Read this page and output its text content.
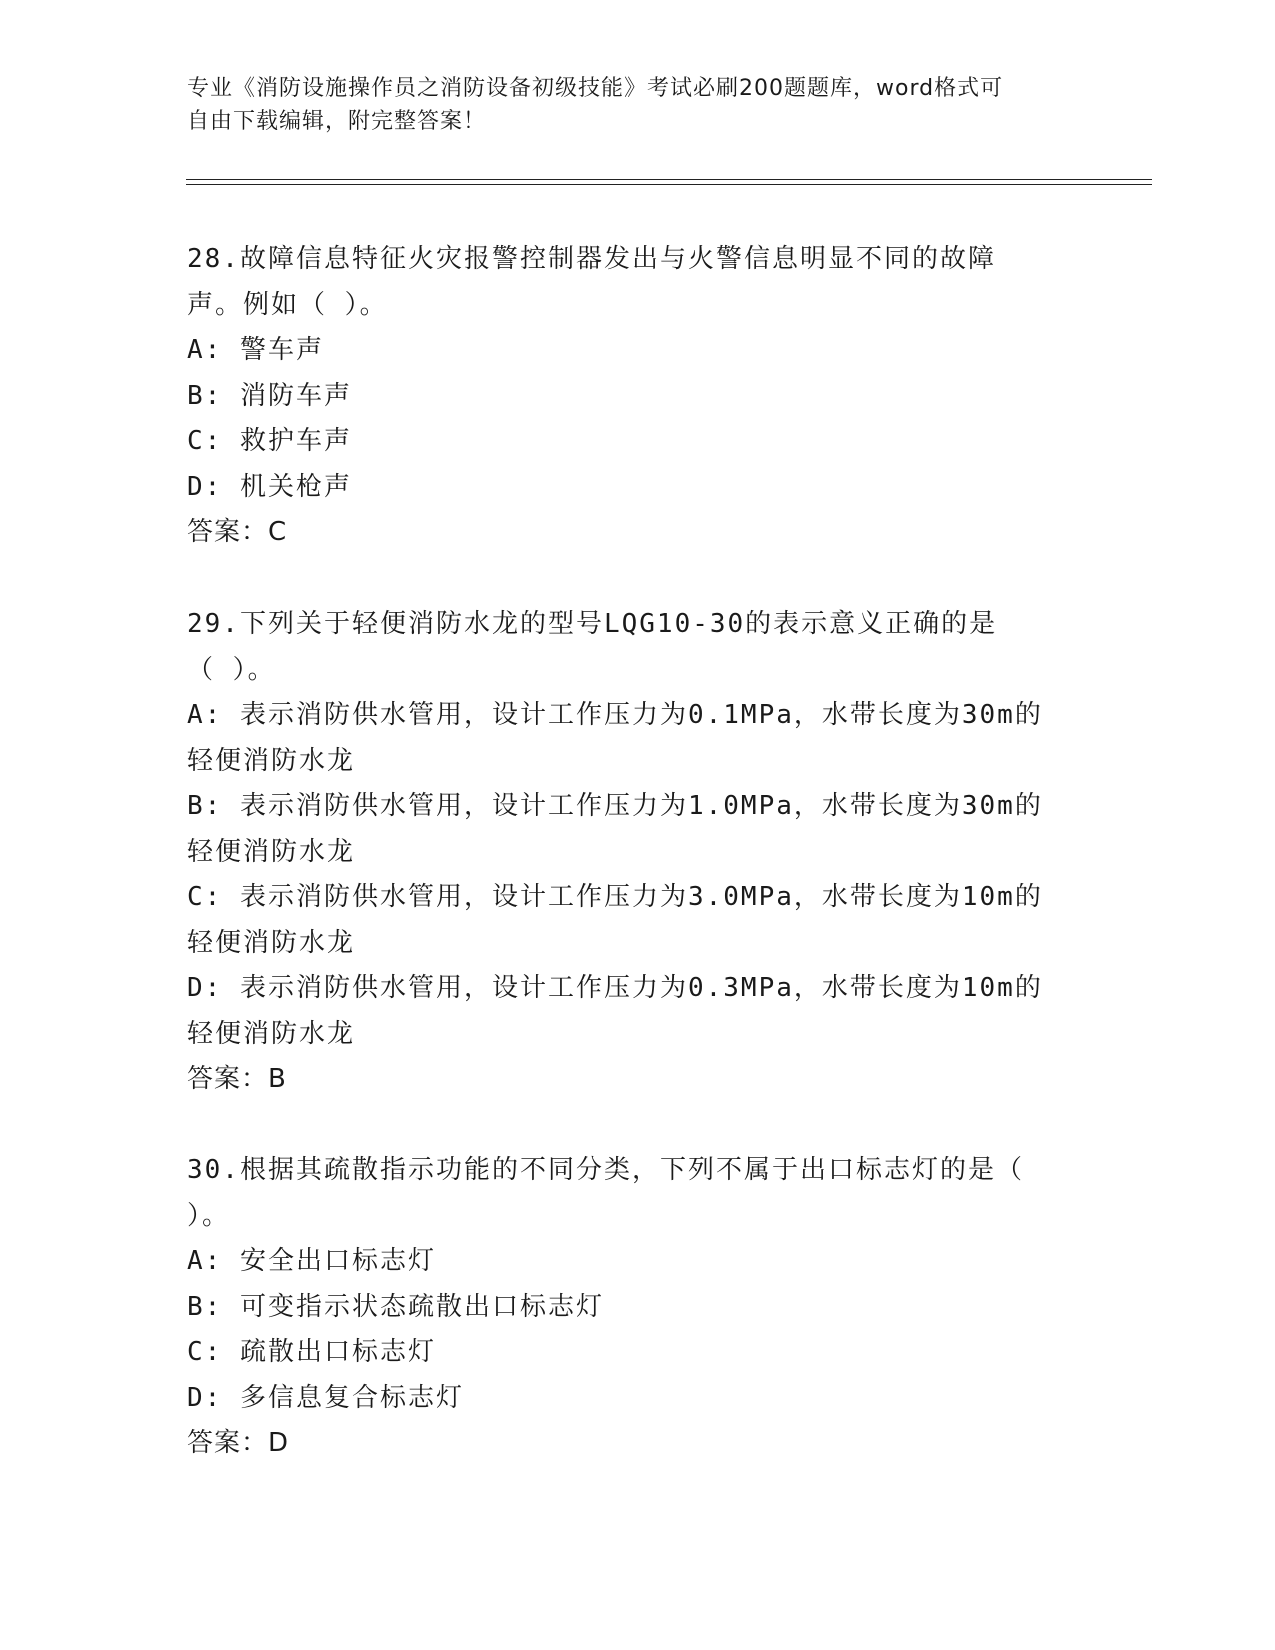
专业《消防设施操作员之消防设备初级技能》考试必刷200题题库，word格式可
自由下载编辑，附完整答案！

28.故障信息特征火灾报警控制器发出与火警信息明显不同的故障声。例如（ ）。

A: 警车声

B: 消防车声

C: 救护车声

D: 机关枪声

答案：C

29.下列关于轻便消防水龙的型号LQG10-30的表示意义正确的是（ ）。

A: 表示消防供水管用，设计工作压力为0.1MPa，水带长度为30m的轻便消防水龙

B: 表示消防供水管用，设计工作压力为1.0MPa，水带长度为30m的轻便消防水龙

C: 表示消防供水管用，设计工作压力为3.0MPa，水带长度为10m的轻便消防水龙

D: 表示消防供水管用，设计工作压力为0.3MPa，水带长度为10m的轻便消防水龙

答案：B

30.根据其疏散指示功能的不同分类，下列不属于出口标志灯的是（ ）。

A: 安全出口标志灯

B: 可变指示状态疏散出口标志灯

C: 疏散出口标志灯

D: 多信息复合标志灯

答案：D
